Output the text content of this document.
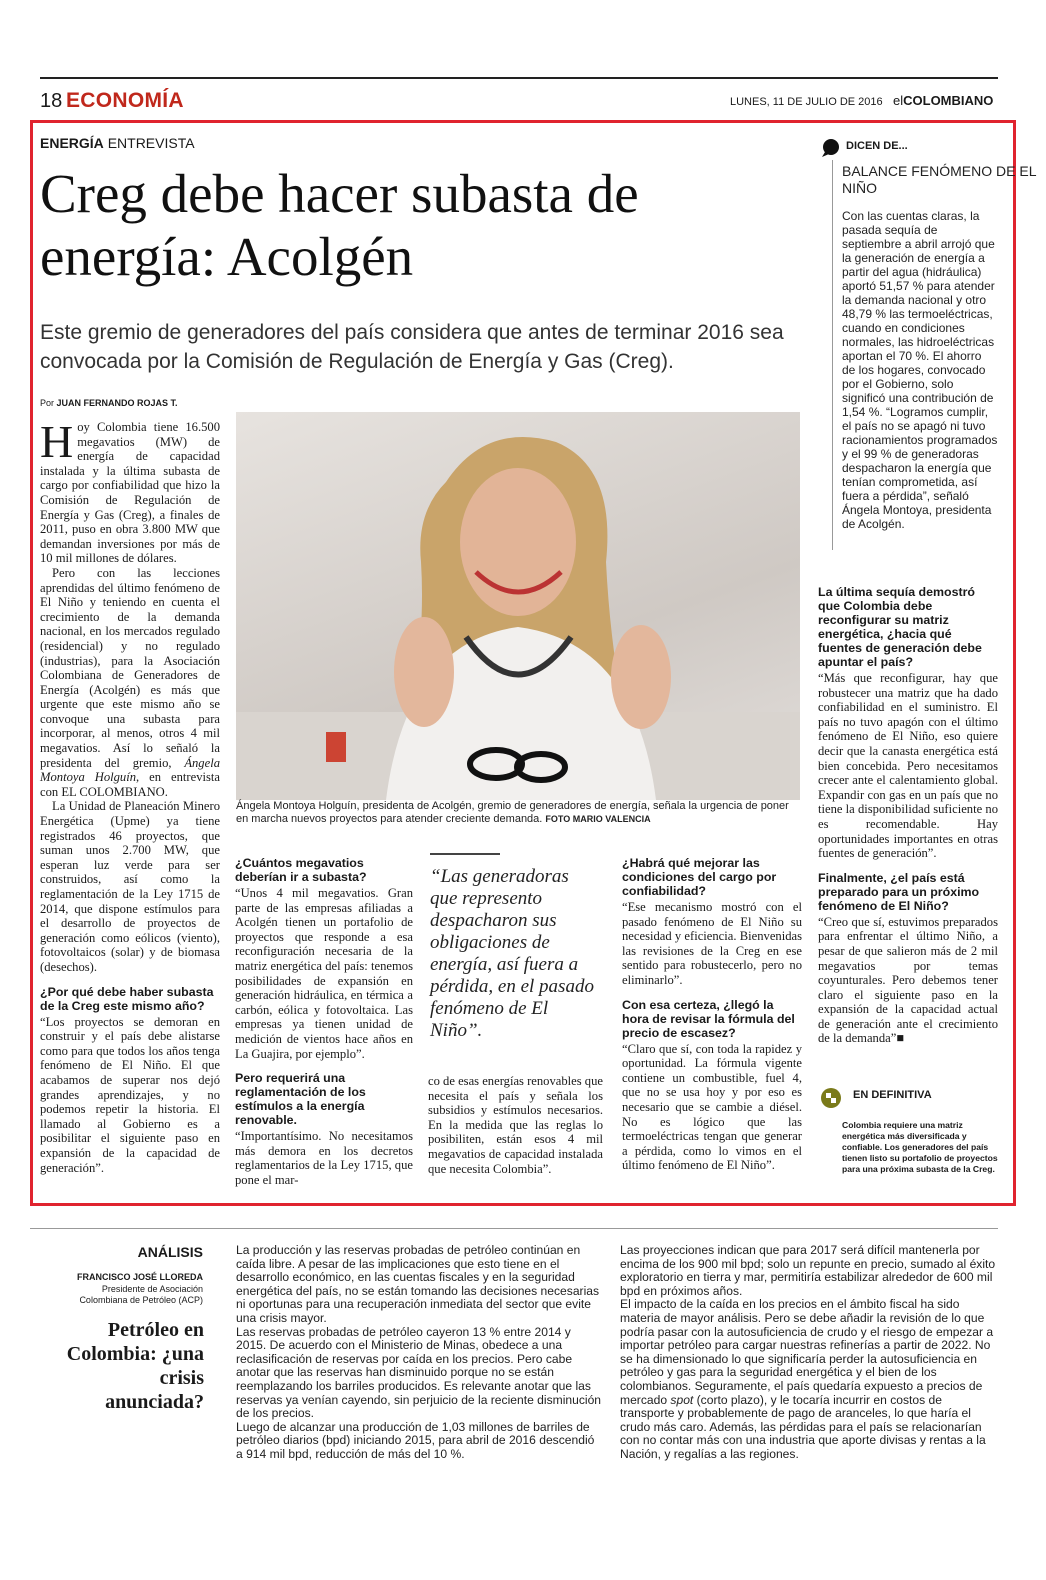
18 ECONOMÍA	LUNES, 11 DE JULIO DE 2016 elCOLOMBIANO
ENERGÍA ENTREVISTA
Creg debe hacer subasta de energía: Acolgén
Este gremio de generadores del país considera que antes de terminar 2016 sea convocada por la Comisión de Regulación de Energía y Gas (Creg).
Por JUAN FERNANDO ROJAS T.

Hoy Colombia tiene 16.500 megavatios (MW) de energía de capacidad instalada y la última subasta de cargo por confiabilidad que hizo la Comisión de Regulación de Energía y Gas (Creg), a finales de 2011, puso en obra 3.800 MW que demandan inversiones por más de 10 mil millones de dólares.

Pero con las lecciones aprendidas del último fenómeno de El Niño y teniendo en cuenta el crecimiento de la demanda nacional, en los mercados regulado (residencial) y no regulado (industrias), para la Asociación Colombiana de Generadores de Energía (Acolgén) es más que urgente que este mismo año se convoque una subasta para incorporar, al menos, otros 4 mil megavatios. Así lo señaló la presidenta del gremio, Ángela Montoya Holguín, en entrevista con EL COLOMBIANO.

La Unidad de Planeación Minero Energética (Upme) ya tiene registrados 46 proyectos, que suman unos 2.700 MW, que esperan luz verde para ser construidos, así como la reglamentación de la Ley 1715 de 2014, que dispone estímulos para el desarrollo de proyectos de generación como eólicos (viento), fotovoltaicos (solar) y de biomasa (desechos).

¿Por qué debe haber subasta de la Creg este mismo año?

“Los proyectos se demoran en construir y el país debe alistarse como para que todos los años tenga fenómeno de El Niño. El que acabamos de superar nos dejó grandes aprendizajes, y no podemos repetir la historia. El llamado al Gobierno es a posibilitar el siguiente paso en expansión de la capacidad de generación”.

Ángela Montoya Holguín, presidenta de Acolgén, gremio de generadores de energía, señala la urgencia de poner en marcha nuevos proyectos para atender creciente demanda. FOTO MARIO VALENCIA
¿Cuántos megavatios deberían ir a subasta?

“Unos 4 mil megavatios. Gran parte de las empresas afiliadas a Acolgén tienen un portafolio de proyectos que responde a esa reconfiguración necesaria de la matriz energética del país: tenemos posibilidades de expansión en generación hidráulica, en térmica a carbón, eólica y fotovoltaica. Las empresas ya tienen unidad de medición de vientos hace años en La Guajira, por ejemplo”.

Pero requerirá una reglamentación de los estímulos a la energía renovable.

“Importantísimo. No necesitamos más demora en los decretos reglamentarios de la Ley 1715, que pone el mar-

“Las generadoras que represento despacharon sus obligaciones de energía, así fuera a pérdida, en el pasado fenómeno de El Niño”.

co de esas energías renovables que necesita el país y señala los subsidios y estímulos necesarios. En la medida que las reglas lo posibiliten, están esos 4 mil megavatios de capacidad instalada que necesita Colombia”.

¿Habrá qué mejorar las condiciones del cargo por confiabilidad?

“Ese mecanismo mostró con el pasado fenómeno de El Niño su necesidad y eficiencia. Bienvenidas las revisiones de la Creg en ese sentido para robustecerlo, pero no eliminarlo”.

Con esa certeza, ¿llegó la hora de revisar la fórmula del precio de escasez?

“Claro que sí, con toda la rapidez y oportunidad. La fórmula vigente contiene un combustible, fuel 4, que no se usa hoy y por eso es necesario que se cambie a diésel. No es lógico que las termoeléctricas tengan que generar a pérdida, como lo vimos en el último fenómeno de El Niño”.

DICEN DE...
BALANCE FENÓMENO DE EL NIÑO
Con las cuentas claras, la pasada sequía de septiembre a abril arrojó que la generación de energía a partir del agua (hidráulica) aportó 51,57 % para atender la demanda nacional y otro 48,79 % las termoeléctricas, cuando en condiciones normales, las hidroeléctricas aportan el 70 %. El ahorro de los hogares, convocado por el Gobierno, solo significó una contribución de 1,54 %. “Logramos cumplir, el país no se apagó ni tuvo racionamientos programados y el 99 % de generadoras despacharon la energía que tenían comprometida, así fuera a pérdida”, señaló Ángela Montoya, presidenta de Acolgén.
La última sequía demostró que Colombia debe reconfigurar su matriz energética, ¿hacia qué fuentes de generación debe apuntar el país?

“Más que reconfigurar, hay que robustecer una matriz que ha dado confiabilidad en el suministro. El país no tuvo apagón con el último fenómeno de El Niño, eso quiere decir que la canasta energética está bien concebida. Pero necesitamos crecer ante el calentamiento global. Expandir con gas en un país que no tiene la disponibilidad suficiente no es recomendable. Hay oportunidades importantes en otras fuentes de generación”.

Finalmente, ¿el país está preparado para un próximo fenómeno de El Niño?

“Creo que sí, estuvimos preparados para enfrentar el último Niño, a pesar de que salieron más de 2 mil megavatios por temas coyunturales. Pero debemos tener claro el siguiente paso en la expansión de la capacidad actual de generación ante el crecimiento de la demanda”■

EN DEFINITIVA
Colombia requiere una matriz energética más diversificada y confiable. Los generadores del país tienen listo su portafolio de proyectos para una próxima subasta de la Creg.
ANÁLISIS
FRANCISCO JOSÉ LLOREDA
Presidente de Asociación Colombiana de Petróleo (ACP)
Petróleo en Colombia: ¿una crisis anunciada?

La producción y las reservas probadas de petróleo continúan en caída libre. A pesar de las implicaciones que esto tiene en el desarrollo económico, en las cuentas fiscales y en la seguridad energética del país, no se están tomando las decisiones necesarias ni oportunas para una recuperación inmediata del sector que evite una crisis mayor.

Las reservas probadas de petróleo cayeron 13 % entre 2014 y 2015. De acuerdo con el Ministerio de Minas, obedece a una reclasificación de reservas por caída en los precios. Pero cabe anotar que las reservas han disminuido porque no se están reemplazando los barriles producidos. Es relevante anotar que las reservas ya venían cayendo, sin perjuicio de la reciente disminución de los precios.

Luego de alcanzar una producción de 1,03 millones de barriles de petróleo diarios (bpd) iniciando 2015, para abril de 2016 descendió a 914 mil bpd, reducción de más del 10 %.

Las proyecciones indican que para 2017 será difícil mantenerla por encima de los 900 mil bpd; solo un repunte en precio, sumado al éxito exploratorio en tierra y mar, permitiría estabilizar alrededor de 600 mil bpd en próximos años.

El impacto de la caída en los precios en el ámbito fiscal ha sido materia de mayor análisis. Pero se debe añadir la revisión de lo que podría pasar con la autosuficiencia de crudo y el riesgo de empezar a importar petróleo para cargar nuestras refinerías a partir de 2022. No se ha dimensionado lo que significaría perder la autosuficiencia en petróleo y gas para la seguridad energética y el bien de los colombianos. Seguramente, el país quedaría expuesto a precios de mercado spot (corto plazo), y le tocaría incurrir en costos de transporte y probablemente de pago de aranceles, lo que haría el crudo más caro. Además, las pérdidas para el país se relacionarían con no contar más con una industria que aporte divisas y rentas a la Nación, y regalías a las regiones.
